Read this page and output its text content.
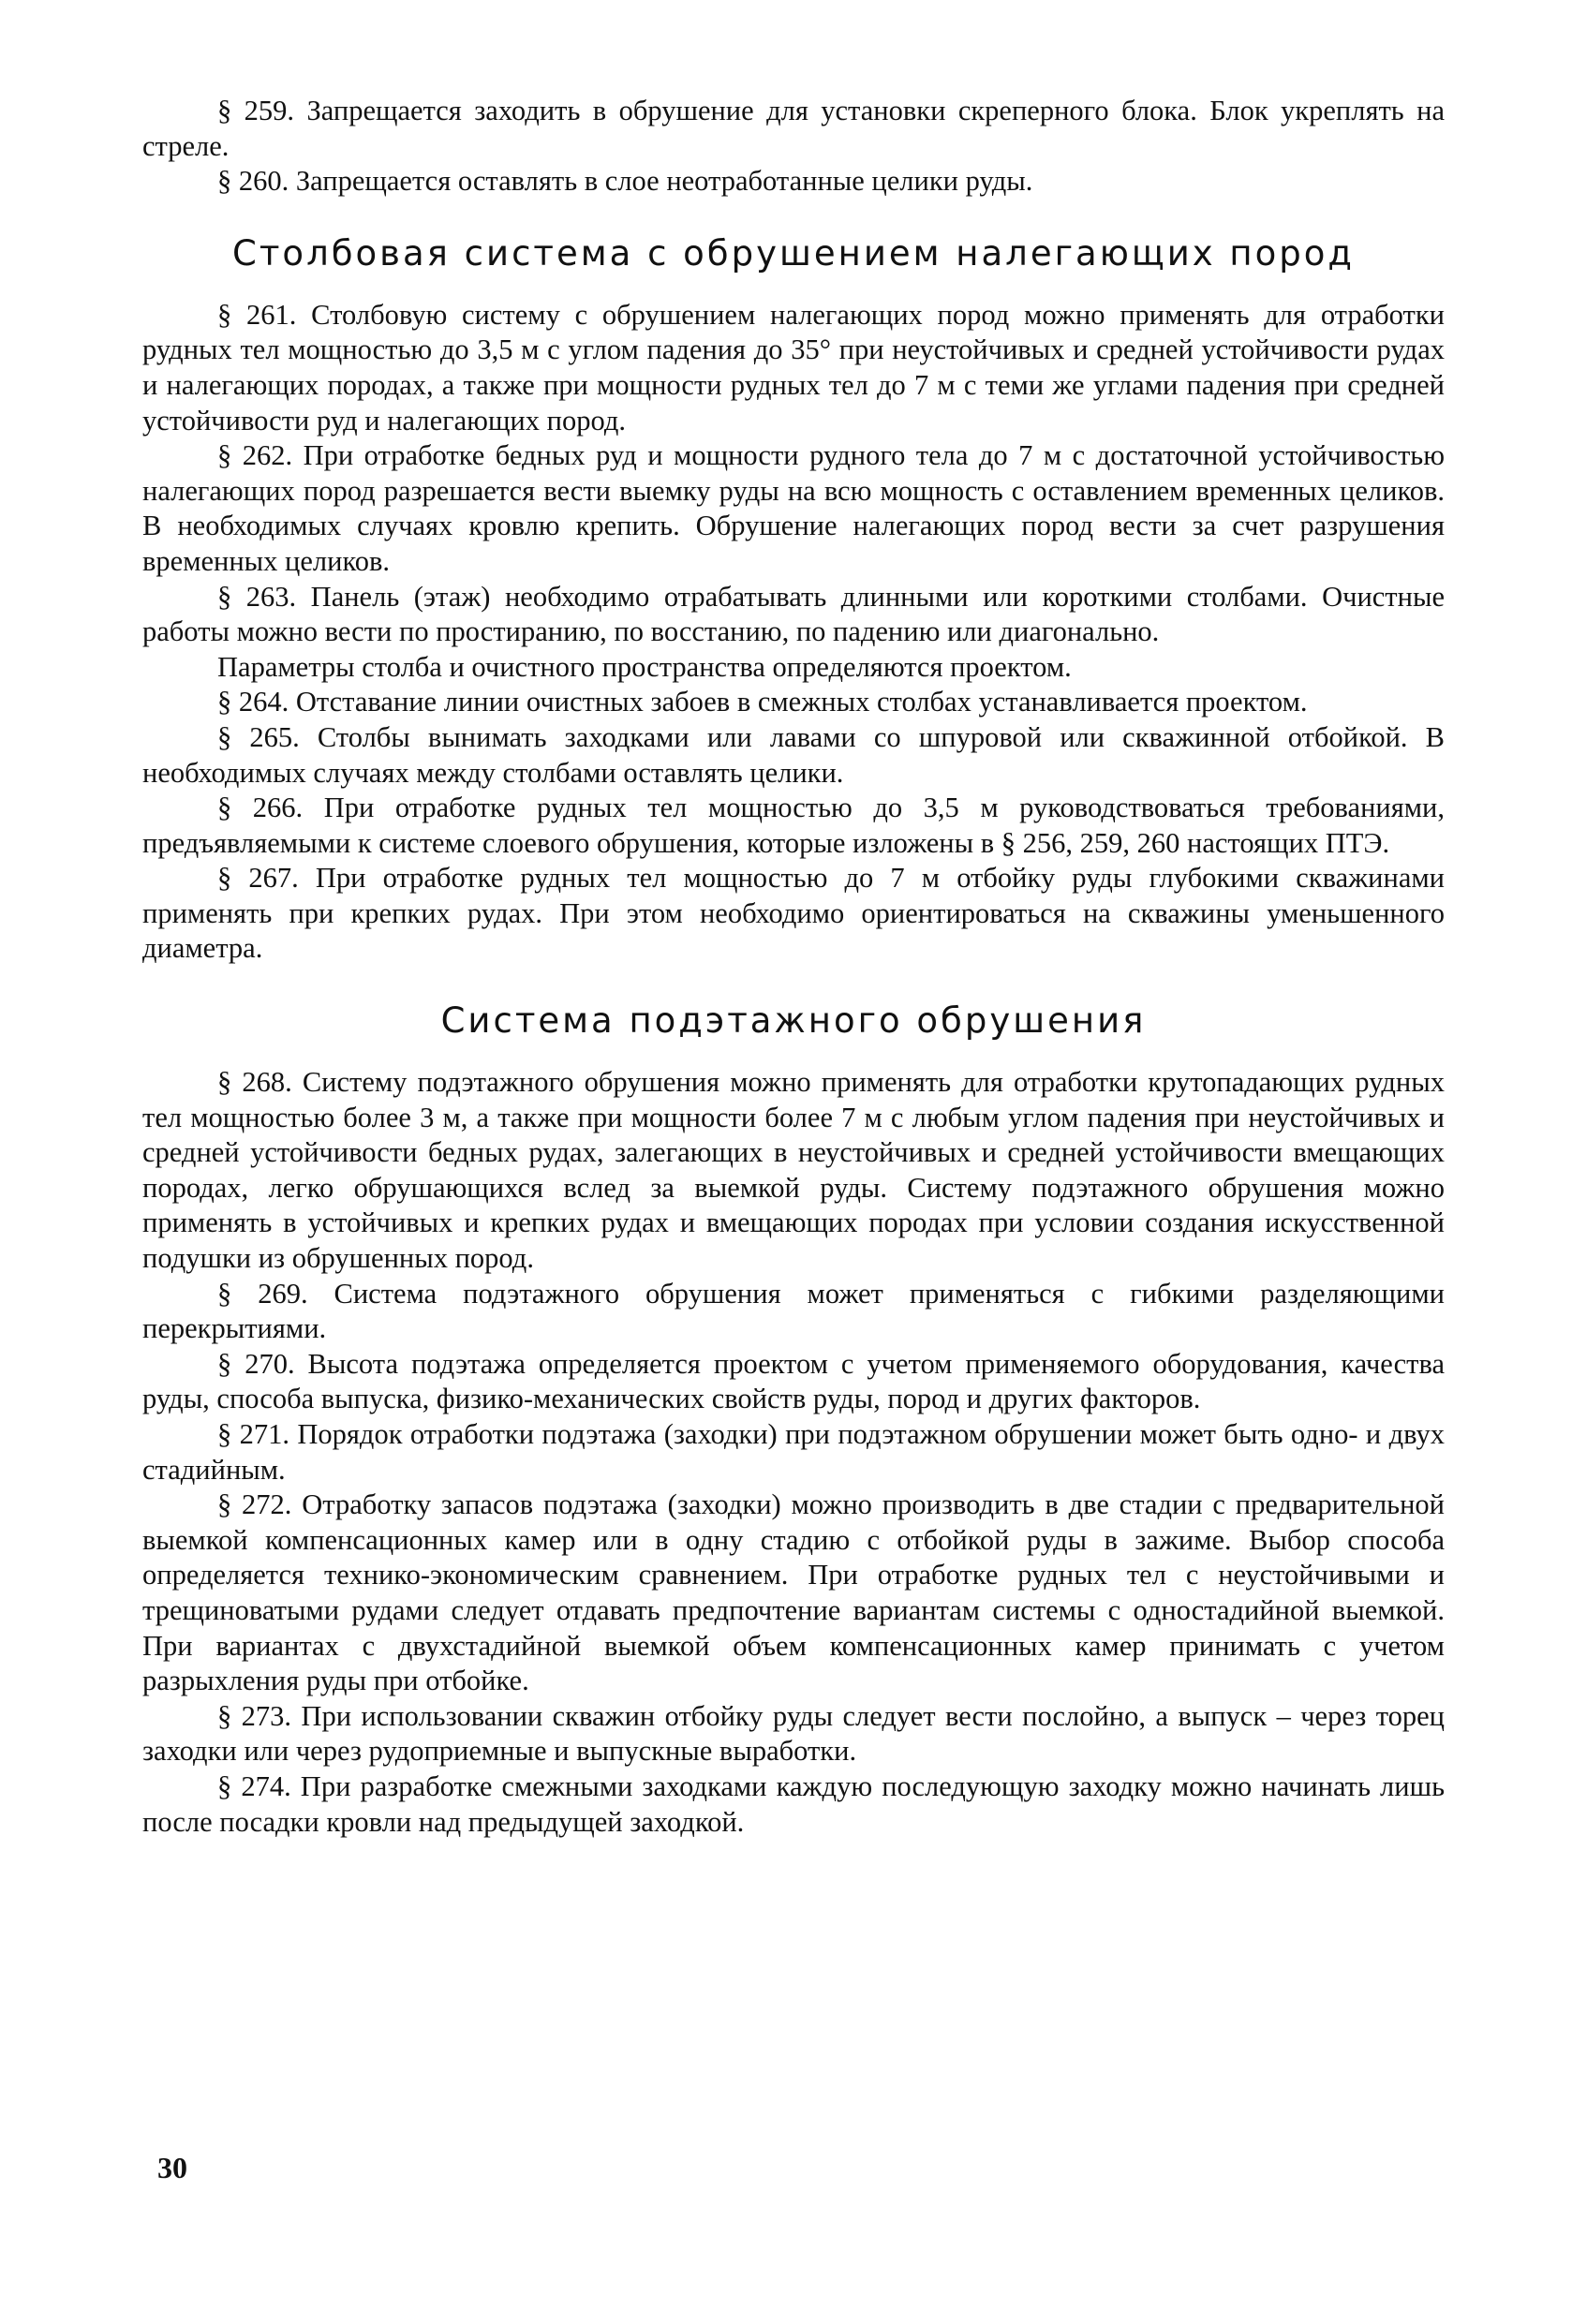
§ 259. Запрещается заходить в обрушение для установки скреперного блока. Блок укреплять на стреле.

§ 260. Запрещается оставлять в слое неотработанные целики руды.

Столбовая система с обрушением налегающих пород

§ 261. Столбовую систему с обрушением налегающих пород можно применять для отработки рудных тел мощностью до 3,5 м с углом падения до 35° при неустойчивых и средней устойчивости рудах и налегающих породах, а также при мощности рудных тел до 7 м с теми же углами падения при средней устойчивости руд и налегающих пород.

§ 262. При отработке бедных руд и мощности рудного тела до 7 м с достаточной устойчивостью налегающих пород разрешается вести выемку руды на всю мощность с оставлением временных целиков. В необходимых случаях кровлю крепить. Обрушение налегающих пород вести за счет разрушения временных целиков.

§ 263. Панель (этаж) необходимо отрабатывать длинными или короткими столбами. Очистные работы можно вести по простиранию, по восстанию, по падению или диагонально.

Параметры столба и очистного пространства определяются проектом.

§ 264. Отставание линии очистных забоев в смежных столбах устанавливается проектом.

§ 265. Столбы вынимать заходками или лавами со шпуровой или скважинной отбойкой. В необходимых случаях между столбами оставлять целики.

§ 266. При отработке рудных тел мощностью до 3,5 м руководствоваться требованиями, предъявляемыми к системе слоевого обрушения, которые изложены в § 256, 259, 260 настоящих ПТЭ.

§ 267. При отработке рудных тел мощностью до 7 м отбойку руды глубокими скважинами применять при крепких рудах. При этом необходимо ориентироваться на скважины уменьшенного диаметра.

Система подэтажного обрушения

§ 268. Систему подэтажного обрушения можно применять для отработки крутопадающих рудных тел мощностью более 3 м, а также при мощности более 7 м с любым углом падения при неустойчивых и средней устойчивости бедных рудах, залегающих в неустойчивых и средней устойчивости вмещающих породах, легко обрушающихся вслед за выемкой руды. Систему подэтажного обрушения можно применять в устойчивых и крепких рудах и вмещающих породах при условии создания искусственной подушки из обрушенных пород.

§ 269. Система подэтажного обрушения может применяться с гибкими разделяющими перекрытиями.

§ 270. Высота подэтажа определяется проектом с учетом применяемого оборудования, качества руды, способа выпуска, физико-механических свойств руды, пород и других факторов.

§ 271. Порядок отработки подэтажа (заходки) при подэтажном обрушении может быть одно- и двух стадийным.

§ 272. Отработку запасов подэтажа (заходки) можно производить в две стадии с предварительной выемкой компенсационных камер или в одну стадию с отбойкой руды в зажиме. Выбор способа определяется технико-экономическим сравнением. При отработке рудных тел с неустойчивыми и трещиноватыми рудами следует отдавать предпочтение вариантам системы с одностадийной выемкой. При вариантах с двухстадийной выемкой объем компенсационных камер принимать с учетом разрыхления руды при отбойке.

§ 273. При использовании скважин отбойку руды следует вести послойно, а выпуск – через торец заходки или через рудоприемные и выпускные выработки.

§ 274. При разработке смежными заходками каждую последующую заходку можно начинать лишь после посадки кровли над предыдущей заходкой.

30
